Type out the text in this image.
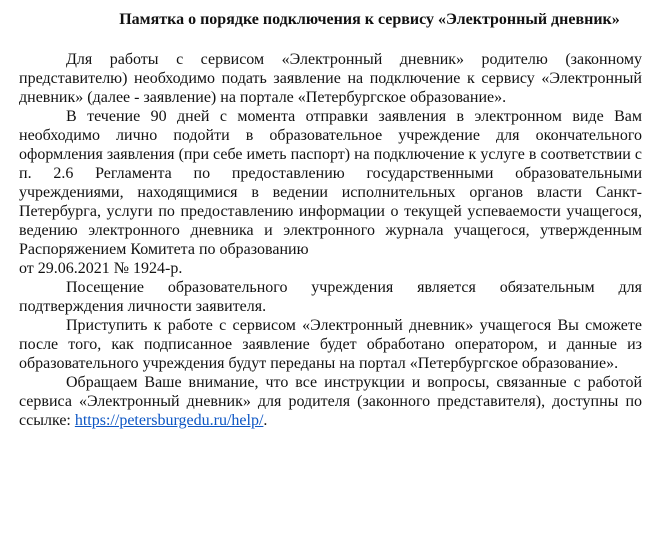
Памятка о порядке подключения к сервису «Электронный дневник»

Для работы с сервисом «Электронный дневник» родителю (законному представителю) необходимо подать заявление на подключение к сервису «Электронный дневник» (далее - заявление) на портале «Петербургское образование».

В течение 90 дней с момента отправки заявления в электронном виде Вам необходимо лично подойти в образовательное учреждение для окончательного оформления заявления (при себе иметь паспорт) на подключение к услуге в соответствии с п. 2.6 Регламента по предоставлению государственными образовательными учреждениями, находящимися в ведении исполнительных органов власти Санкт-Петербурга, услуги по предоставлению информации о текущей успеваемости учащегося, ведению электронного дневника и электронного журнала учащегося, утвержденным Распоряжением Комитета по образованию

от 29.06.2021 № 1924-р.

Посещение образовательного учреждения является обязательным для подтверждения личности заявителя.

Приступить к работе с сервисом «Электронный дневник» учащегося Вы сможете после того, как подписанное заявление будет обработано оператором, и данные из образовательного учреждения будут переданы на портал «Петербургское образование».

Обращаем Ваше внимание, что все инструкции и вопросы, связанные с работой сервиса «Электронный дневник» для родителя (законного представителя), доступны по ссылке: https://petersburgedu.ru/help/.
